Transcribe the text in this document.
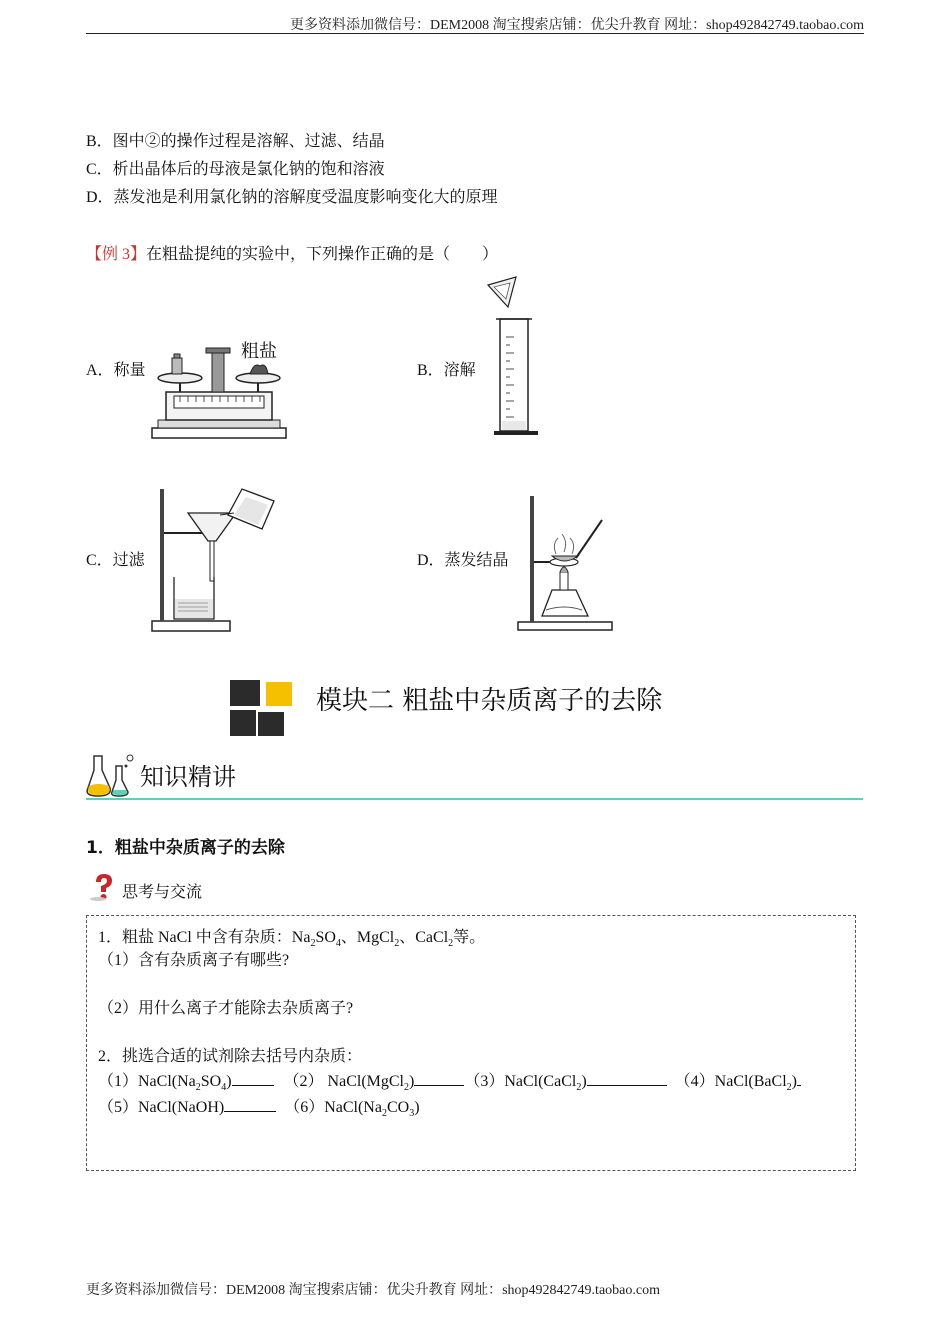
更多资料添加微信号：DEM2008 淘宝搜索店铺：优尖升教育 网址：shop492842749.taobao.com
B．图中②的操作过程是溶解、过滤、结晶
C．析出晶体后的母液是氯化钠的饱和溶液
D．蒸发池是利用氯化钠的溶解度受温度影响变化大的原理
【例 3】在粗盐提纯的实验中，下列操作正确的是（　　）
A．称量
粗盐
B．溶解
C．过滤	D．蒸发结晶
模块二 粗盐中杂质离子的去除
知识精讲
1．粗盐中杂质离子的去除
思考与交流
1．粗盐 NaCl 中含有杂质：$Na_2SO_4$、MgCl$_2$、CaCl$_2$等。
（1）含有杂质离子有哪些?
（2）用什么离子才能除去杂质离子?
2．挑选合适的试剂除去括号内杂质：
$(1)NaCl(Na_2SO_4)$	（2） NaCl(MgCl$_2$)	（3）NaCl(CaCl$_2$)	（4）NaCl(BaCl$_2$)
（5）NaCl(NaOH)	$(6)NaCl(Na_2CO_3)$
更多资料添加微信号：DEM2008 淘宝搜索店铺：优尖升教育 网址：shop492842749.taobao.com
